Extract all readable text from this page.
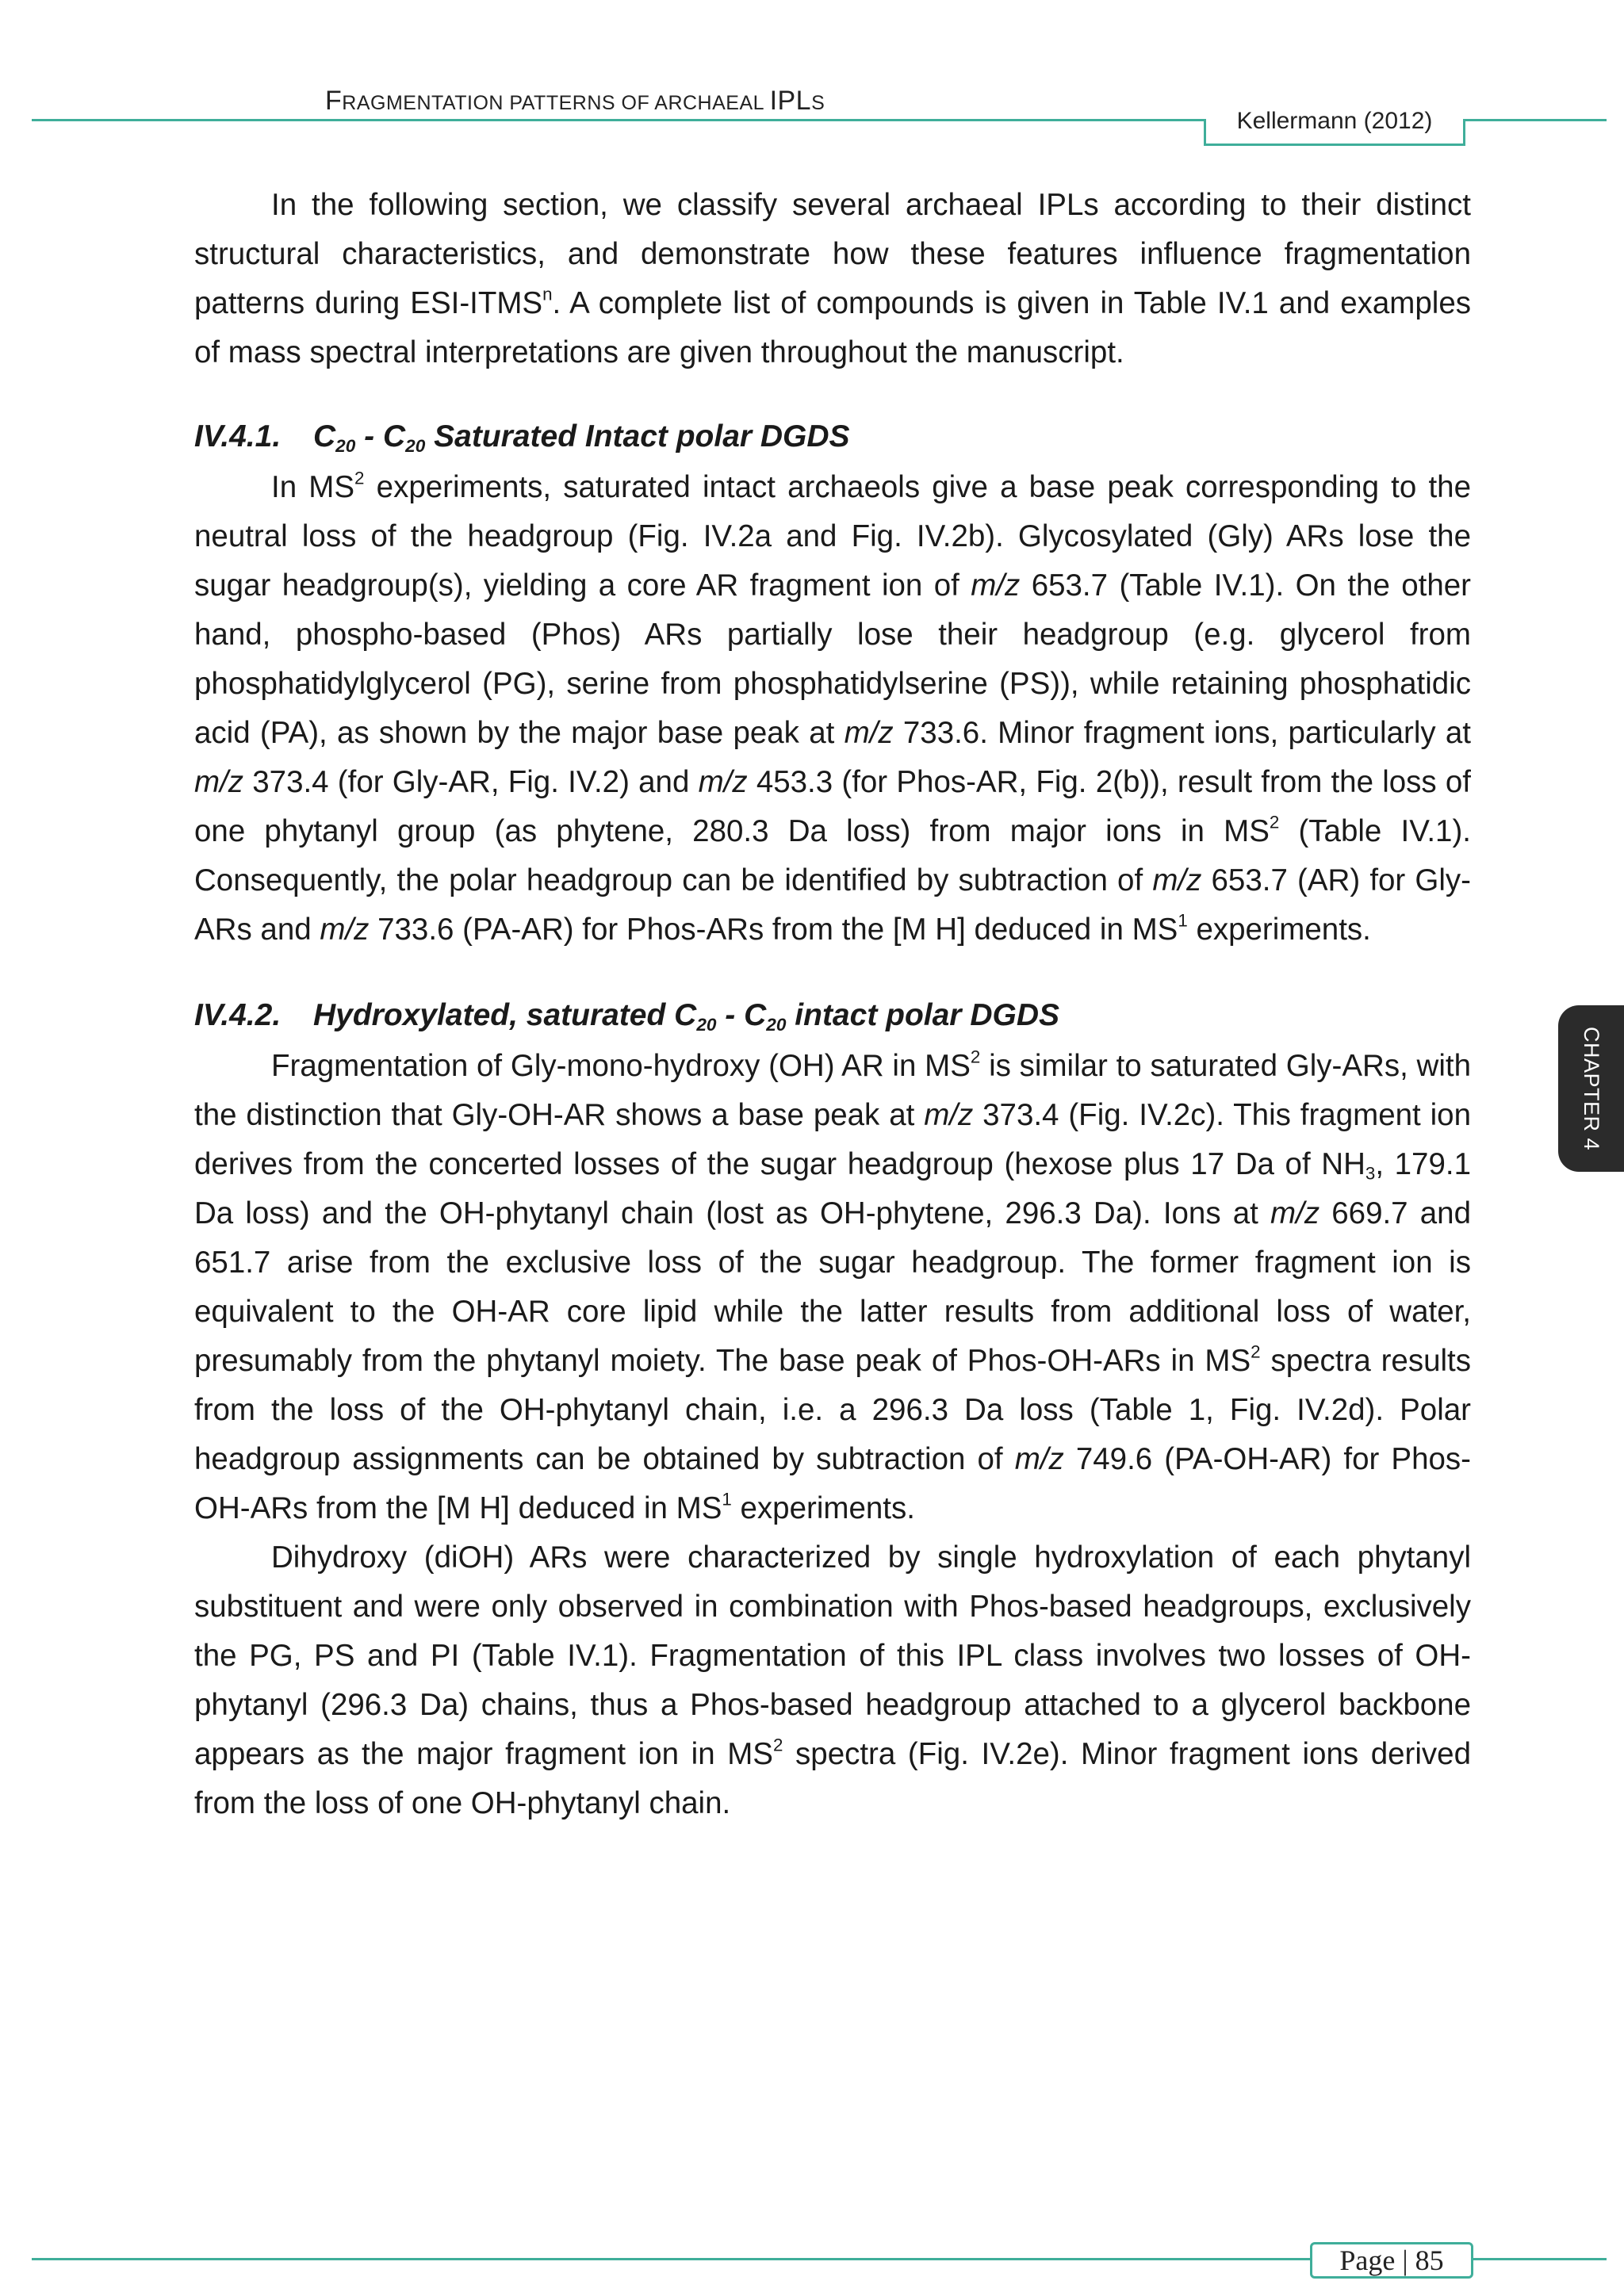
FRAGMENTATION PATTERNS OF ARCHAEAL IPLS
Kellermann (2012)

In the following section, we classify several archaeal IPLs according to their distinct structural characteristics, and demonstrate how these features influence fragmentation patterns during ESI-ITMS$^n$. A complete list of compounds is given in Table IV.1 and examples of mass spectral interpretations are given throughout the manuscript.

IV.4.1. $C_{20} - C_{20}$ Saturated Intact polar DGDS

In $MS^2$ experiments, saturated intact archaeols give a base peak corresponding to the neutral loss of the headgroup (Fig. IV.2a and Fig. IV.2b). Glycosylated (Gly) ARs lose the sugar headgroup(s), yielding a core AR fragment ion of m/z 653.7 (Table IV.1). On the other hand, phospho-based (Phos) ARs partially lose their headgroup (e.g. glycerol from phosphatidylglycerol (PG), serine from phosphatidylserine (PS)), while retaining phosphatidic acid (PA), as shown by the major base peak at m/z 733.6. Minor fragment ions, particularly at m/z 373.4 (for Gly-AR, Fig. IV.2) and m/z 453.3 (for Phos-AR, Fig. 2(b)), result from the loss of one phytanyl group (as phytene, 280.3 Da loss) from major ions in $MS^2$ (Table IV.1). Consequently, the polar headgroup can be identified by subtraction of m/z 653.7 (AR) for Gly-ARs and m/z 733.6 (PA-AR) for Phos-ARs from the [M H] deduced in $MS^1$ experiments.

IV.4.2. Hydroxylated, saturated $C_{20} - C_{20}$ intact polar DGDS

Fragmentation of Gly-mono-hydroxy (OH) AR in $MS^2$ is similar to saturated Gly-ARs, with the distinction that Gly-OH-AR shows a base peak at m/z 373.4 (Fig. IV.2c). This fragment ion derives from the concerted losses of the sugar headgroup (hexose plus 17 Da of $NH_3$, 179.1 Da loss) and the OH-phytanyl chain (lost as OH-phytene, 296.3 Da). Ions at m/z 669.7 and 651.7 arise from the exclusive loss of the sugar headgroup. The former fragment ion is equivalent to the OH-AR core lipid while the latter results from additional loss of water, presumably from the phytanyl moiety. The base peak of Phos-OH-ARs in $MS^2$ spectra results from the loss of the OH-phytanyl chain, i.e. a 296.3 Da loss (Table 1, Fig. IV.2d). Polar headgroup assignments can be obtained by subtraction of m/z 749.6 (PA-OH-AR) for Phos-OH-ARs from the [M H] deduced in $MS^1$ experiments.

Dihydroxy (diOH) ARs were characterized by single hydroxylation of each phytanyl substituent and were only observed in combination with Phos-based headgroups, exclusively the PG, PS and PI (Table IV.1). Fragmentation of this IPL class involves two losses of OH-phytanyl (296.3 Da) chains, thus a Phos-based headgroup attached to a glycerol backbone appears as the major fragment ion in $MS^2$ spectra (Fig. IV.2e). Minor fragment ions derived from the loss of one OH-phytanyl chain.

CHAPTER 4
Page | 85
